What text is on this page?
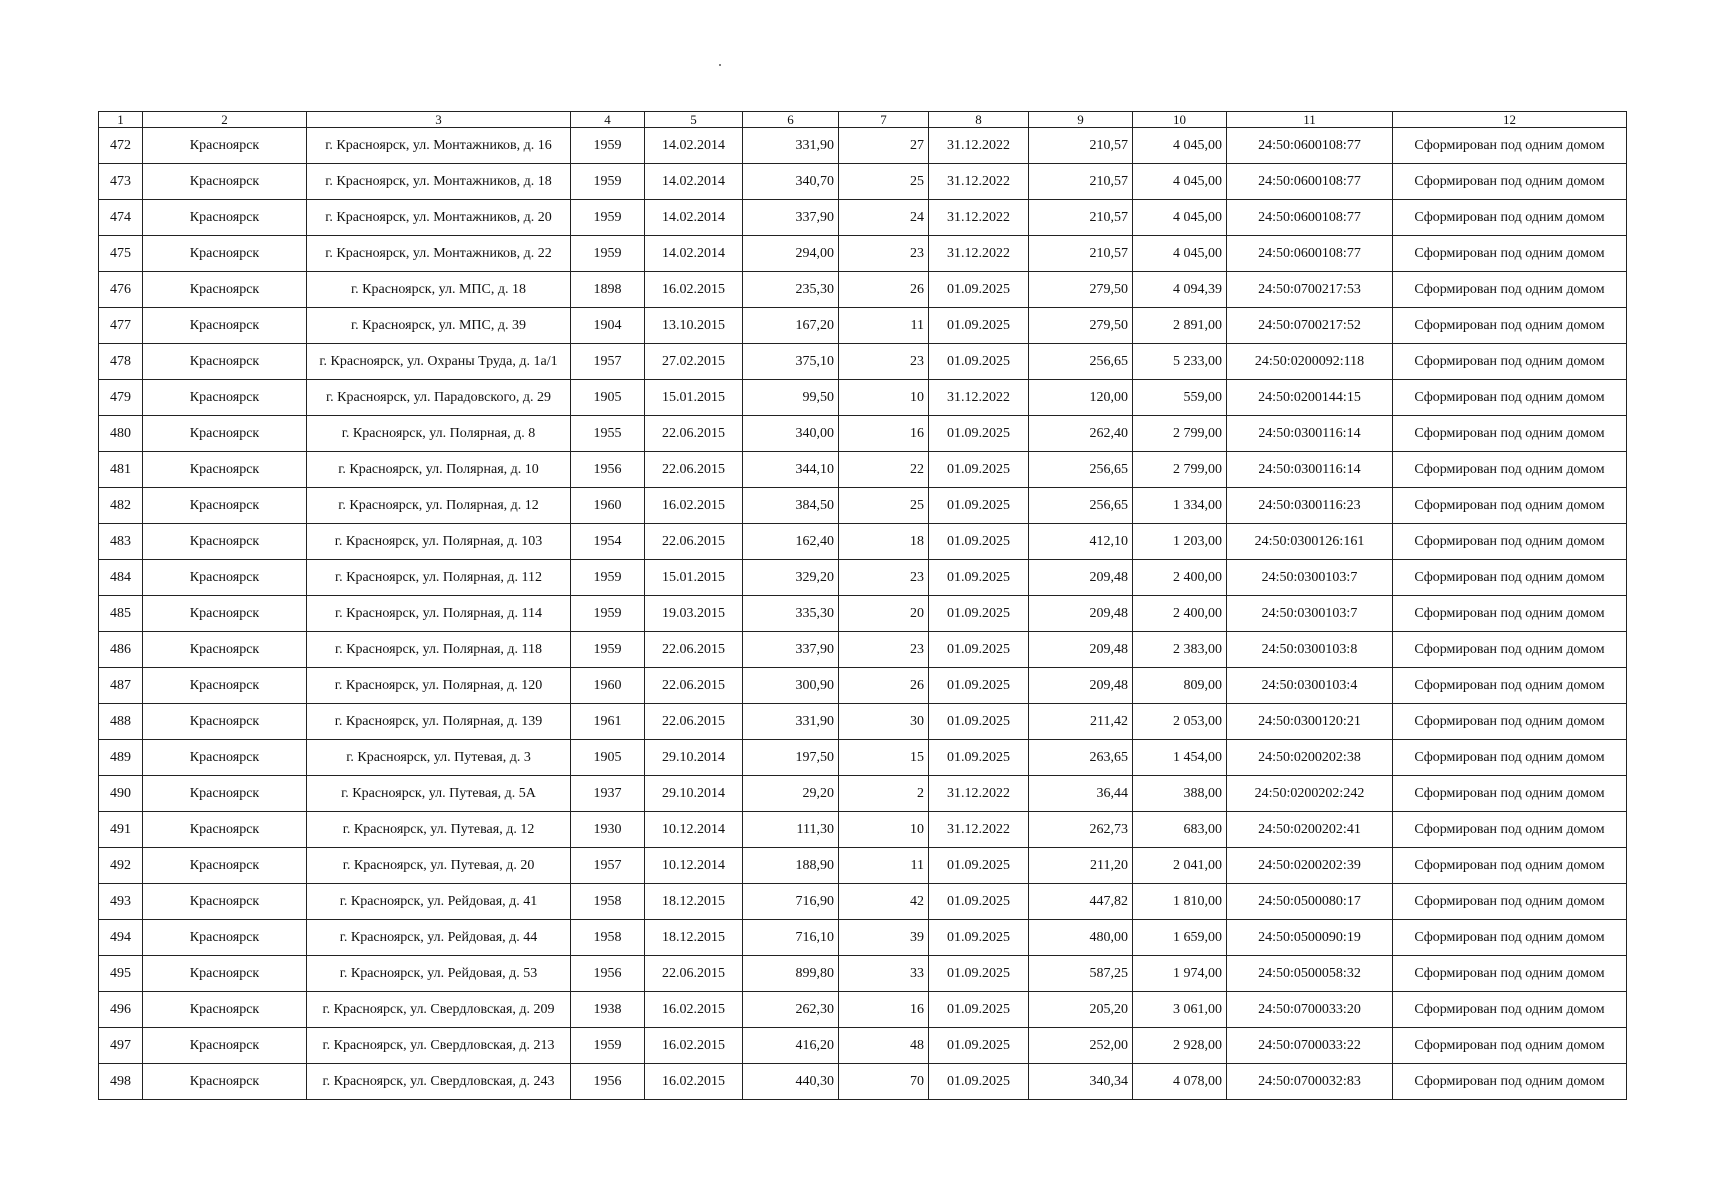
1	2	3	4	5	6	7	8	9	10	11	12
472	Красноярск	г. Красноярск, ул. Монтажников, д. 16	1959	14.02.2014	331,90	27	31.12.2022	210,57	4 045,00	24:50:0600108:77	Сформирован под одним домом
473	Красноярск	г. Красноярск, ул. Монтажников, д. 18	1959	14.02.2014	340,70	25	31.12.2022	210,57	4 045,00	24:50:0600108:77	Сформирован под одним домом
474	Красноярск	г. Красноярск, ул. Монтажников, д. 20	1959	14.02.2014	337,90	24	31.12.2022	210,57	4 045,00	24:50:0600108:77	Сформирован под одним домом
475	Красноярск	г. Красноярск, ул. Монтажников, д. 22	1959	14.02.2014	294,00	23	31.12.2022	210,57	4 045,00	24:50:0600108:77	Сформирован под одним домом
476	Красноярск	г. Красноярск, ул. МПС, д. 18	1898	16.02.2015	235,30	26	01.09.2025	279,50	4 094,39	24:50:0700217:53	Сформирован под одним домом
477	Красноярск	г. Красноярск, ул. МПС, д. 39	1904	13.10.2015	167,20	11	01.09.2025	279,50	2 891,00	24:50:0700217:52	Сформирован под одним домом
478	Красноярск	г. Красноярск, ул. Охраны Труда, д. 1а/1	1957	27.02.2015	375,10	23	01.09.2025	256,65	5 233,00	24:50:0200092:118	Сформирован под одним домом
479	Красноярск	г. Красноярск, ул. Парадовского, д. 29	1905	15.01.2015	99,50	10	31.12.2022	120,00	559,00	24:50:0200144:15	Сформирован под одним домом
480	Красноярск	г. Красноярск, ул. Полярная, д. 8	1955	22.06.2015	340,00	16	01.09.2025	262,40	2 799,00	24:50:0300116:14	Сформирован под одним домом
481	Красноярск	г. Красноярск, ул. Полярная, д. 10	1956	22.06.2015	344,10	22	01.09.2025	256,65	2 799,00	24:50:0300116:14	Сформирован под одним домом
482	Красноярск	г. Красноярск, ул. Полярная, д. 12	1960	16.02.2015	384,50	25	01.09.2025	256,65	1 334,00	24:50:0300116:23	Сформирован под одним домом
483	Красноярск	г. Красноярск, ул. Полярная, д. 103	1954	22.06.2015	162,40	18	01.09.2025	412,10	1 203,00	24:50:0300126:161	Сформирован под одним домом
484	Красноярск	г. Красноярск, ул. Полярная, д. 112	1959	15.01.2015	329,20	23	01.09.2025	209,48	2 400,00	24:50:0300103:7	Сформирован под одним домом
485	Красноярск	г. Красноярск, ул. Полярная, д. 114	1959	19.03.2015	335,30	20	01.09.2025	209,48	2 400,00	24:50:0300103:7	Сформирован под одним домом
486	Красноярск	г. Красноярск, ул. Полярная, д. 118	1959	22.06.2015	337,90	23	01.09.2025	209,48	2 383,00	24:50:0300103:8	Сформирован под одним домом
487	Красноярск	г. Красноярск, ул. Полярная, д. 120	1960	22.06.2015	300,90	26	01.09.2025	209,48	809,00	24:50:0300103:4	Сформирован под одним домом
488	Красноярск	г. Красноярск, ул. Полярная, д. 139	1961	22.06.2015	331,90	30	01.09.2025	211,42	2 053,00	24:50:0300120:21	Сформирован под одним домом
489	Красноярск	г. Красноярск, ул. Путевая, д. 3	1905	29.10.2014	197,50	15	01.09.2025	263,65	1 454,00	24:50:0200202:38	Сформирован под одним домом
490	Красноярск	г. Красноярск, ул. Путевая, д. 5А	1937	29.10.2014	29,20	2	31.12.2022	36,44	388,00	24:50:0200202:242	Сформирован под одним домом
491	Красноярск	г. Красноярск, ул. Путевая, д. 12	1930	10.12.2014	111,30	10	31.12.2022	262,73	683,00	24:50:0200202:41	Сформирован под одним домом
492	Красноярск	г. Красноярск, ул. Путевая, д. 20	1957	10.12.2014	188,90	11	01.09.2025	211,20	2 041,00	24:50:0200202:39	Сформирован под одним домом
493	Красноярск	г. Красноярск, ул. Рейдовая, д. 41	1958	18.12.2015	716,90	42	01.09.2025	447,82	1 810,00	24:50:0500080:17	Сформирован под одним домом
494	Красноярск	г. Красноярск, ул. Рейдовая, д. 44	1958	18.12.2015	716,10	39	01.09.2025	480,00	1 659,00	24:50:0500090:19	Сформирован под одним домом
495	Красноярск	г. Красноярск, ул. Рейдовая, д. 53	1956	22.06.2015	899,80	33	01.09.2025	587,25	1 974,00	24:50:0500058:32	Сформирован под одним домом
496	Красноярск	г. Красноярск, ул. Свердловская, д. 209	1938	16.02.2015	262,30	16	01.09.2025	205,20	3 061,00	24:50:0700033:20	Сформирован под одним домом
497	Красноярск	г. Красноярск, ул. Свердловская, д. 213	1959	16.02.2015	416,20	48	01.09.2025	252,00	2 928,00	24:50:0700033:22	Сформирован под одним домом
498	Красноярск	г. Красноярск, ул. Свердловская, д. 243	1956	16.02.2015	440,30	70	01.09.2025	340,34	4 078,00	24:50:0700032:83	Сформирован под одним домом
